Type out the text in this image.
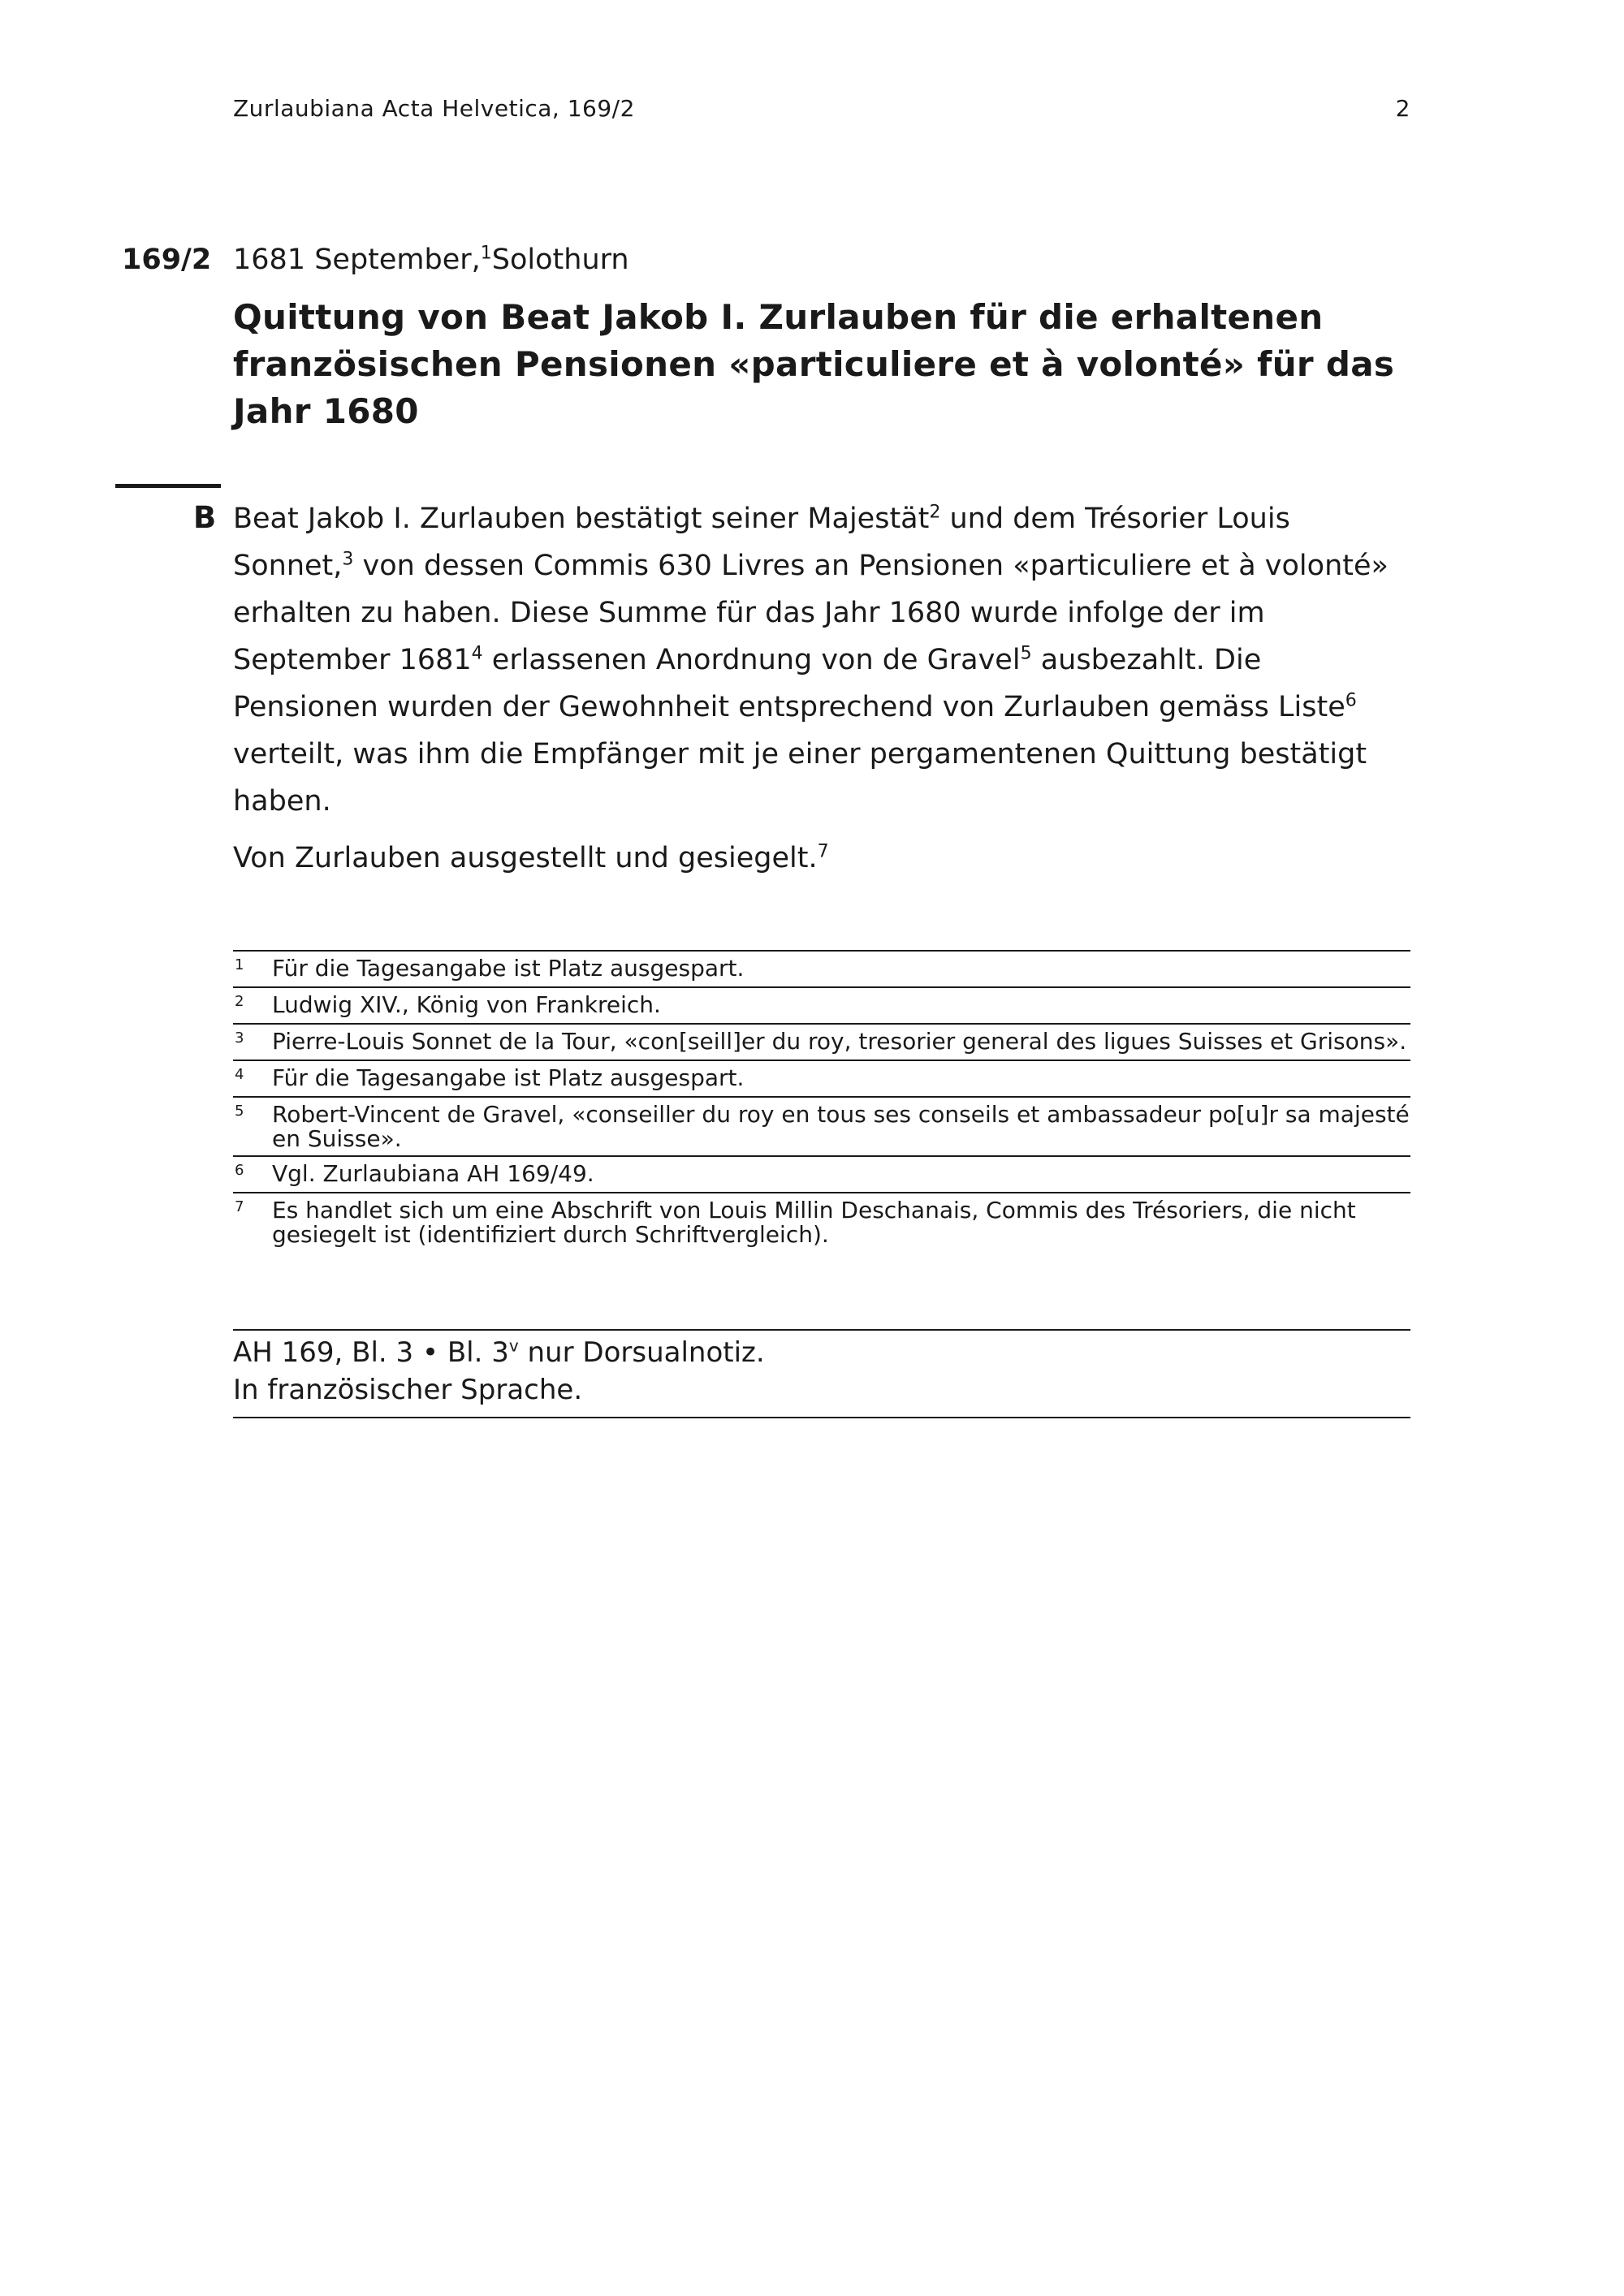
Zurlaubiana Acta Helvetica, 169/2	2
169/2 1681 September,$^1$Solothurn
Quittung von Beat Jakob I. Zurlauben für die erhaltenen französischen Pensionen «particuliere et à volonté» für das Jahr 1680
B Beat Jakob I. Zurlauben bestätigt seiner Majestät$^2$ und dem Trésorier Louis Sonnet,$^3$ von dessen Commis 630 Livres an Pensionen «particuliere et à volonté» erhalten zu haben. Diese Summe für das Jahr 1680 wurde infolge der im September 1681$^4$ erlassenen Anordnung von de Gravel$^5$ ausbezahlt. Die Pensionen wurden der Gewohnheit entsprechend von Zurlauben gemäss Liste$^6$ verteilt, was ihm die Empfänger mit je einer pergamentenen Quittung bestätigt haben.
Von Zurlauben ausgestellt und gesiegelt.$^7$
1 Für die Tagesangabe ist Platz ausgespart.
2 Ludwig XIV., König von Frankreich.
3 Pierre-Louis Sonnet de la Tour, «con[seill]er du roy, tresorier general des ligues Suisses et Grisons».
4 Für die Tagesangabe ist Platz ausgespart.
5 Robert-Vincent de Gravel, «conseiller du roy en tous ses conseils et ambassadeur po[u]r sa majesté en Suisse».
6 Vgl. Zurlaubiana AH 169/49.
7 Es handlet sich um eine Abschrift von Louis Millin Deschanais, Commis des Trésoriers, die nicht gesiegelt ist (identifiziert durch Schriftvergleich).
AH 169, Bl. 3 • Bl. 3$^v$ nur Dorsualnotiz.
In französischer Sprache.
